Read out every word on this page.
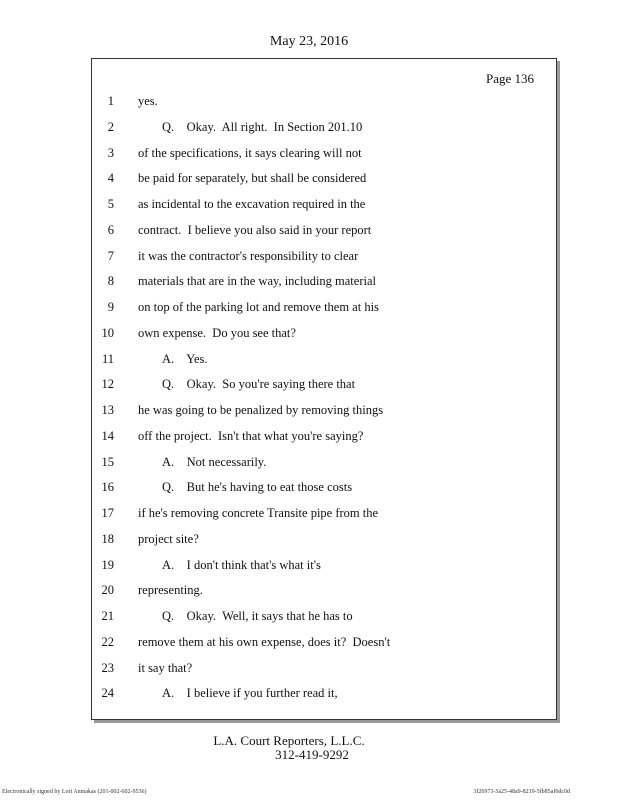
May 23, 2016
Page 136
1 yes.
2	Q.    Okay.  All right.  In Section 201.10
3 of the specifications, it says clearing will not
4 be paid for separately, but shall be considered
5 as incidental to the excavation required in the
6 contract.  I believe you also said in your report
7 it was the contractor's responsibility to clear
8 materials that are in the way, including material
9 on top of the parking lot and remove them at his
10 own expense.  Do you see that?
11	A.    Yes.
12	Q.    Okay.  So you're saying there that
13 he was going to be penalized by removing things
14 off the project.  Isn't that what you're saying?
15	A.    Not necessarily.
16	Q.    But he's having to eat those costs
17 if he's removing concrete Transite pipe from the
18 project site?
19	A.    I don't think that's what it's
20 representing.
21	Q.    Okay.  Well, it says that he has to
22 remove them at his own expense, does it?  Doesn't
23 it say that?
24	A.    I believe if you further read it,
L.A. Court Reporters, L.L.C.
312-419-9292
Electronically signed by Lori Anmakas (201-002-602-9536)	3f26973-5a25-48a9-8219-5fb85af6dc0d
